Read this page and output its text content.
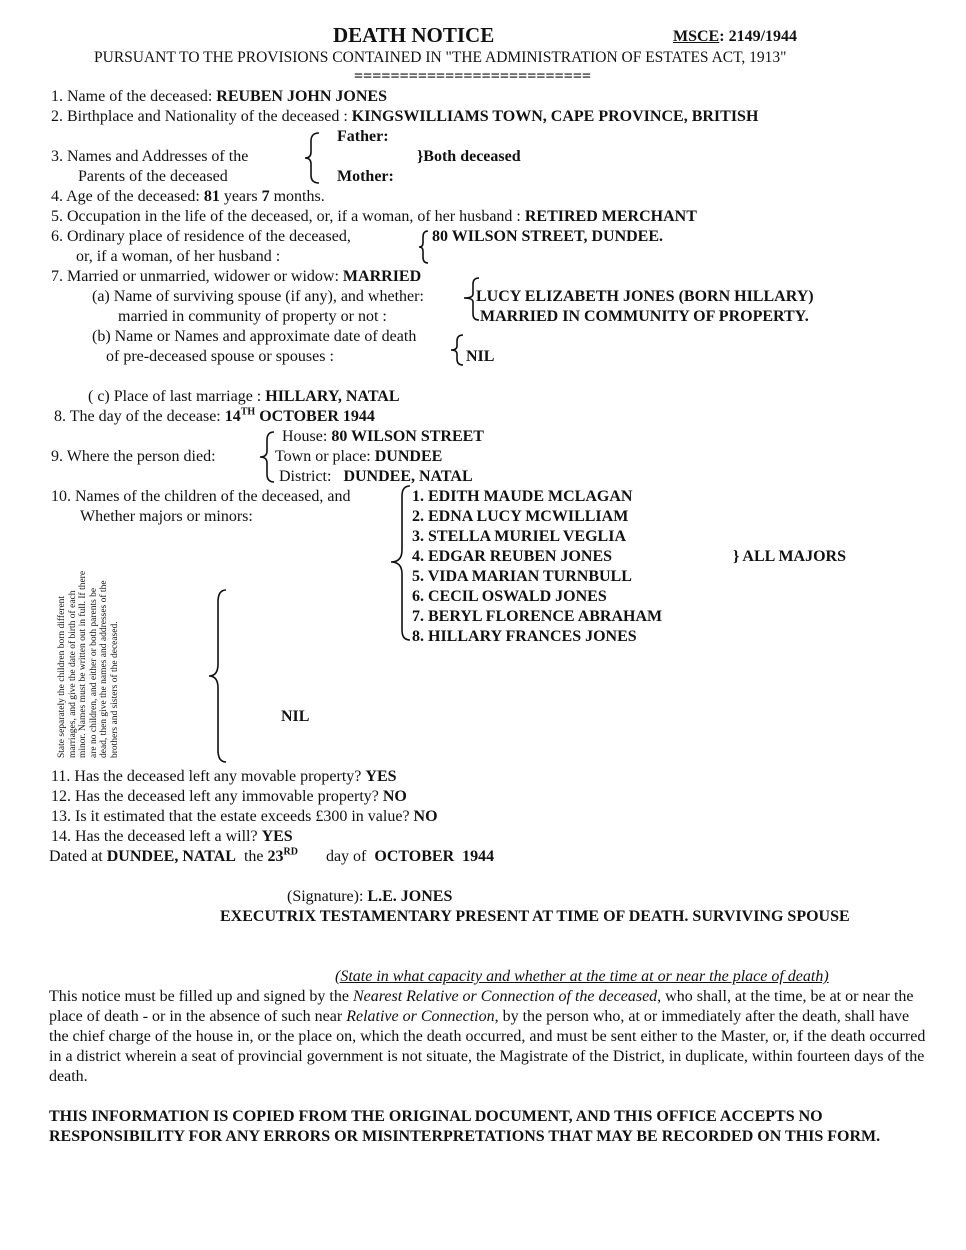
DEATH NOTICE	MSCE: 2149/1944
PURSUANT TO THE PROVISIONS CONTAINED IN "THE ADMINISTRATION OF ESTATES ACT, 1913"
==========================
1. Name of the deceased: REUBEN JOHN JONES
2. Birthplace and Nationality of the deceased : KINGSWILLIAMS TOWN, CAPE PROVINCE, BRITISH
3. Names and Addresses of the
Parents of the deceased
Father:
Mother:
}Both deceased
4. Age of the deceased: 81 years 7 months.
5. Occupation in the life of the deceased, or, if a woman, of her husband : RETIRED MERCHANT
6. Ordinary place of residence of the deceased,
or, if a woman, of her husband :
80 WILSON STREET, DUNDEE.
7. Married or unmarried, widower or widow: MARRIED
(a) Name of surviving spouse (if any), and whether:
married in community of property or not :
LUCY ELIZABETH JONES (BORN HILLARY)
MARRIED IN COMMUNITY OF PROPERTY.
(b) Name or Names and approximate date of death
of pre-deceased spouse or spouses :	NIL
( c) Place of last marriage : HILLARY, NATAL
8. The day of the decease: 14TH OCTOBER 1944
9. Where the person died:
House: 80 WILSON STREET
Town or place: DUNDEE
District: DUNDEE, NATAL
10. Names of the children of the deceased, and
Whether majors or minors:
1. EDITH MAUDE MCLAGAN
2. EDNA LUCY MCWILLIAM
3. STELLA MURIEL VEGLIA
4. EDGAR REUBEN JONES
5. VIDA MARIAN TURNBULL
6. CECIL OSWALD JONES
7. BERYL FLORENCE ABRAHAM
8. HILLARY FRANCES JONES
} ALL MAJORS
State separately the children born different marriages, and give the date of birth of each minor. Names must be written out in full. If there are no children, and either or both parents be dead, then give the names and addresses of the brothers and sisters of the deceased.	NIL
11. Has the deceased left any movable property? YES
12. Has the deceased left any immovable property? NO
13. Is it estimated that the estate exceeds £300 in value? NO
14. Has the deceased left a will? YES
Dated at DUNDEE, NATAL the 23RD day of OCTOBER 1944
(Signature): L.E. JONES
EXECUTRIX TESTAMENTARY PRESENT AT TIME OF DEATH. SURVIVING SPOUSE
(State in what capacity and whether at the time at or near the place of death)
This notice must be filled up and signed by the Nearest Relative or Connection of the deceased, who shall, at the time, be at or near the place of death - or in the absence of such near Relative or Connection, by the person who, at or immediately after the death, shall have the chief charge of the house in, or the place on, which the death occurred, and must be sent either to the Master, or, if the death occurred in a district wherein a seat of provincial government is not situate, the Magistrate of the District, in duplicate, within fourteen days of the death.
THIS INFORMATION IS COPIED FROM THE ORIGINAL DOCUMENT, AND THIS OFFICE ACCEPTS NO RESPONSIBILITY FOR ANY ERRORS OR MISINTERPRETATIONS THAT MAY BE RECORDED ON THIS FORM.
